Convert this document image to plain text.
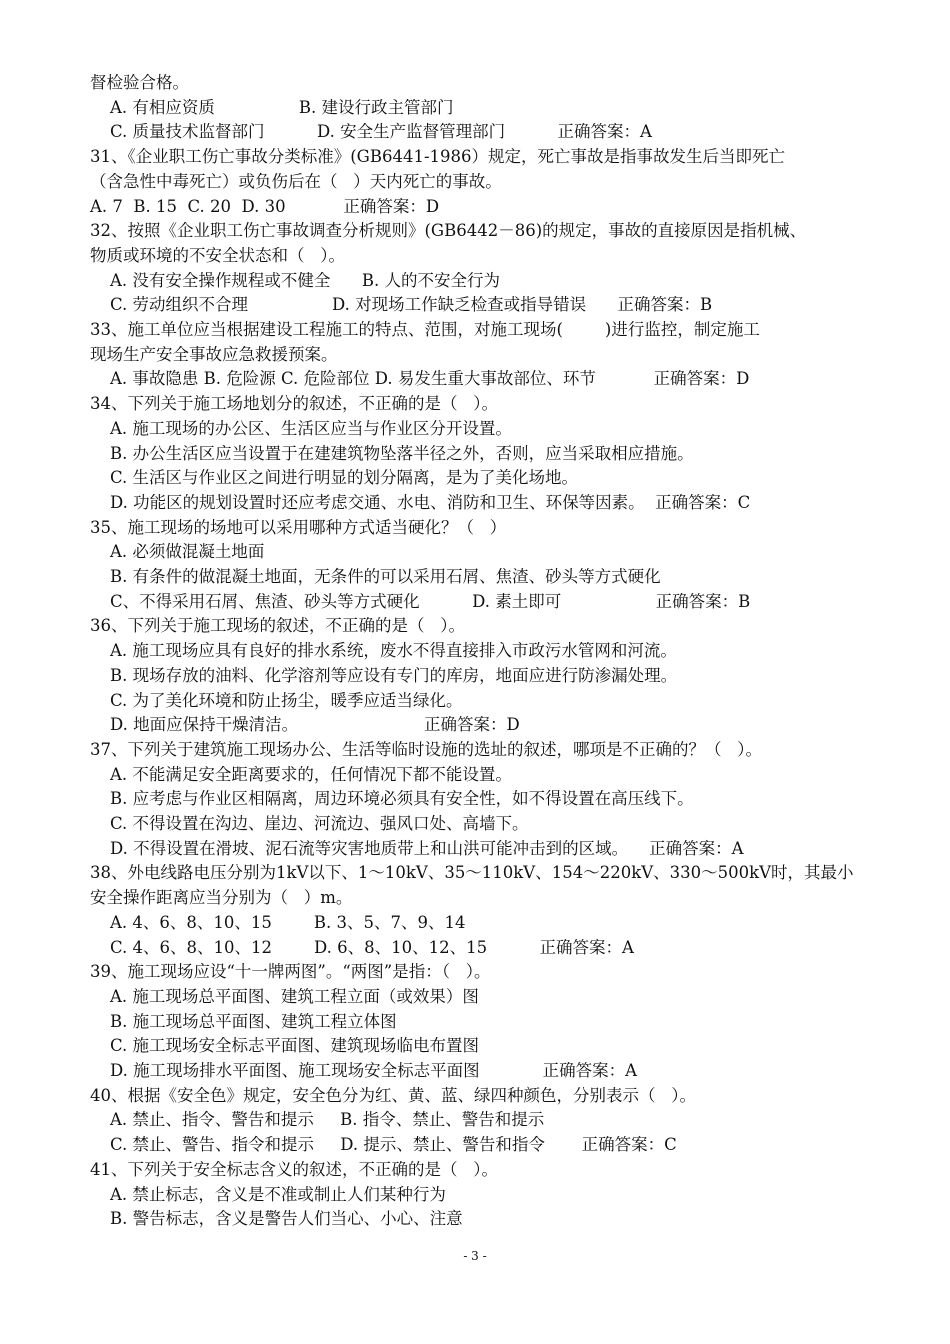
督检验合格。
A. 有相应资质                B. 建设行政主管部门
C. 质量技术监督部门          D. 安全生产监督管理部门          正确答案：A
31、《企业职工伤亡事故分类标准》(GB6441-1986）规定，死亡事故是指事故发生后当即死亡
（含急性中毒死亡）或负伤后在（   ）天内死亡的事故。
A. 7  B. 15  C. 20  D. 30           正确答案：D
32、按照《企业职工伤亡事故调查分析规则》(GB6442－86)的规定，事故的直接原因是指机械、
物质或环境的不安全状态和（   ）。
A. 没有安全操作规程或不健全      B. 人的不安全行为
C. 劳动组织不合理                D. 对现场工作缺乏检查或指导错误      正确答案：B
33、施工单位应当根据建设工程施工的特点、范围，对施工现场(        )进行监控，制定施工
现场生产安全事故应急救援预案。
A. 事故隐患 B. 危险源 C. 危险部位 D. 易发生重大事故部位、环节           正确答案：D
34、下列关于施工场地划分的叙述，不正确的是（   ）。
A. 施工现场的办公区、生活区应当与作业区分开设置。
B. 办公生活区应当设置于在建建筑物坠落半径之外，否则，应当采取相应措施。
C. 生活区与作业区之间进行明显的划分隔离，是为了美化场地。
D. 功能区的规划设置时还应考虑交通、水电、消防和卫生、环保等因素。  正确答案：C
35、施工现场的场地可以采用哪种方式适当硬化？（   ）
A. 必须做混凝土地面
B. 有条件的做混凝土地面，无条件的可以采用石屑、焦渣、砂头等方式硬化
C、不得采用石屑、焦渣、砂头等方式硬化          D. 素土即可                  正确答案：B
36、下列关于施工现场的叙述，不正确的是（   ）。
A. 施工现场应具有良好的排水系统，废水不得直接排入市政污水管网和河流。
B. 现场存放的油料、化学溶剂等应设有专门的库房，地面应进行防渗漏处理。
C. 为了美化环境和防止扬尘，暖季应适当绿化。
D. 地面应保持干燥清洁。                        正确答案：D
37、下列关于建筑施工现场办公、生活等临时设施的选址的叙述，哪项是不正确的？（   ）。
A. 不能满足安全距离要求的，任何情况下都不能设置。
B. 应考虑与作业区相隔离，周边环境必须具有安全性，如不得设置在高压线下。
C. 不得设置在沟边、崖边、河流边、强风口处、高墙下。
D. 不得设置在滑坡、泥石流等灾害地质带上和山洪可能冲击到的区域。    正确答案：A
38、外电线路电压分别为1kV以下、1～10kV、35～110kV、154～220kV、330～500kV时，其最小
安全操作距离应当分别为（   ）m。
A. 4、6、8、10、15        B. 3、5、7、9、14
C. 4、6、8、10、12        D. 6、8、10、12、15          正确答案：A
39、施工现场应设“十一牌两图”。“两图”是指：（   ）。
A. 施工现场总平面图、建筑工程立面（或效果）图
B. 施工现场总平面图、建筑工程立体图
C. 施工现场安全标志平面图、建筑现场临电布置图
D. 施工现场排水平面图、施工现场安全标志平面图            正确答案：A
40、根据《安全色》规定，安全色分为红、黄、蓝、绿四种颜色，分别表示（   ）。
A. 禁止、指令、警告和提示     B. 指令、禁止、警告和提示
C. 禁止、警告、指令和提示     D. 提示、禁止、警告和指令       正确答案：C
41、下列关于安全标志含义的叙述，不正确的是（   ）。
A. 禁止标志，含义是不准或制止人们某种行为
B. 警告标志，含义是警告人们当心、小心、注意
- 3 -
